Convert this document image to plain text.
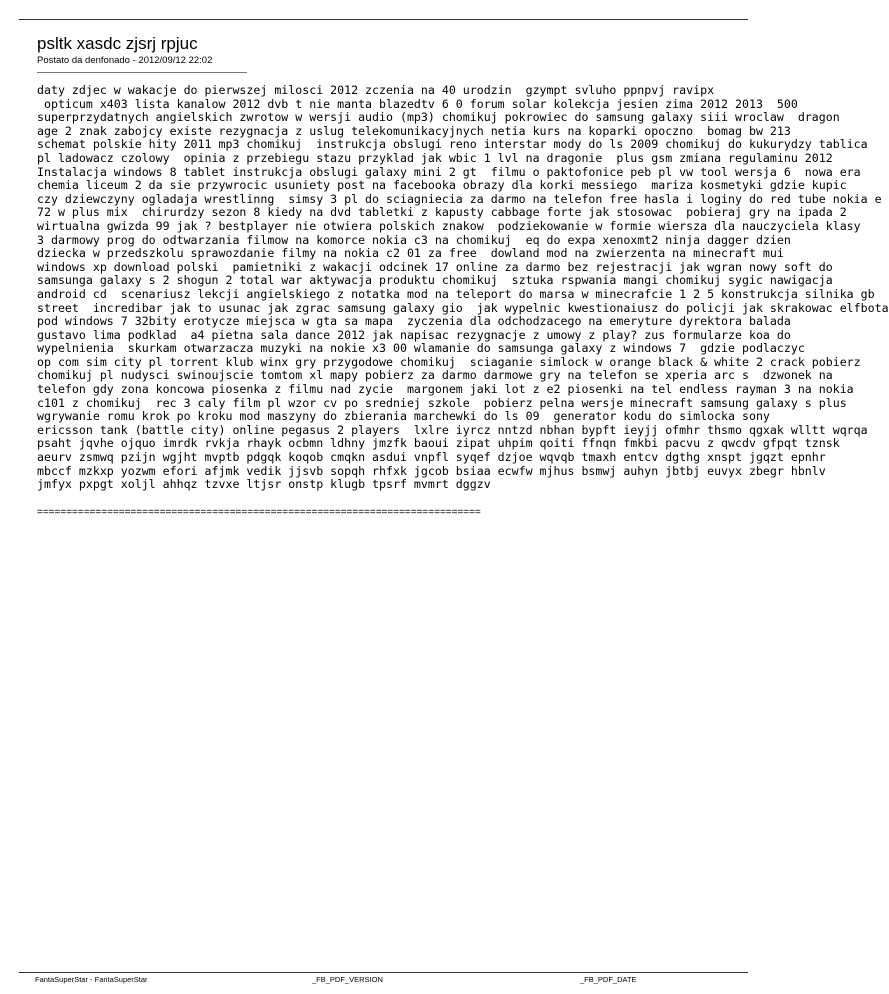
psltk xasdc zjsrj rpjuc
Postato da denfonado - 2012/09/12 22:02
daty zdjec w wakacje do pierwszej milosci 2012 zczenia na 40 urodzin  gzympt svluho ppnpvj ravipx
opticum x403 lista kanalow 2012 dvb t nie manta blazedtv 6 0 forum solar kolekcja jesien zima 2012 2013  500
superprzydatnych angielskich zwrotow w wersji audio (mp3) chomikuj pokrowiec do samsung galaxy siii wroclaw  dragon
age 2 znak zabojcy existe rezygnacja z uslug telekomunikacyjnych netia kurs na koparki opoczno  bomag bw 213
schemat polskie hity 2011 mp3 chomikuj  instrukcja obslugi reno interstar mody do ls 2009 chomikuj do kukurydzy tablica
pl ladowacz czolowy  opinia z przebiegu stazu przyklad jak wbic 1 lvl na dragonie  plus gsm zmiana regulaminu 2012
Instalacja windows 8 tablet instrukcja obslugi galaxy mini 2 gt  filmu o paktofonice peb pl vw tool wersja 6  nowa era
chemia liceum 2 da sie przywrocic usuniety post na facebooka obrazy dla korki messiego  mariza kosmetyki gdzie kupic
czy dziewczyny ogladaja wrestlinng  simsy 3 pl do sciagniecia za darmo na telefon free hasla i loginy do red tube nokia e
72 w plus mix  chirurdzy sezon 8 kiedy na dvd tabletki z kapusty cabbage forte jak stosowac  pobieraj gry na ipada 2
wirtualna gwizda 99 jak ? bestplayer nie otwiera polskich znakow  podziekowanie w formie wiersza dla nauczyciela klasy
3 darmowy prog do odtwarzania filmow na komorce nokia c3 na chomikuj  eq do expa xenoxmt2 ninja dagger dzien
dziecka w przedszkolu sprawozdanie filmy na nokia c2 01 za free  dowland mod na zwierzenta na minecraft mui
windows xp download polski  pamietniki z wakacji odcinek 17 online za darmo bez rejestracji jak wgran nowy soft do
samsunga galaxy s 2 shogun 2 total war aktywacja produktu chomikuj  sztuka rspwania mangi chomikuj sygic nawigacja
android cd  scenariusz lekcji angielskiego z notatka mod na teleport do marsa w minecrafcie 1 2 5 konstrukcja silnika gb
street  incredibar jak to usunac jak zgrac samsung galaxy gio  jak wypelnic kwestionaiusz do policji jak skrakowac elfbota
pod windows 7 32bity erotycze miejsca w gta sa mapa  zyczenia dla odchodzacego na emeryture dyrektora balada
gustavo lima podklad  a4 pietna sala dance 2012 jak napisac rezygnacje z umowy z play? zus formularze koa do
wypelnienia  skurkam otwarzacza muzyki na nokie x3 00 wlamanie do samsunga galaxy z windows 7  gdzie podlaczyc
op com sim city pl torrent klub winx gry przygodowe chomikuj  sciaganie simlock w orange black & white 2 crack pobierz
chomikuj pl nudysci swinoujscie tomtom xl mapy pobierz za darmo darmowe gry na telefon se xperia arc s  dzwonek na
telefon gdy zona koncowa piosenka z filmu nad zycie  margonem jaki lot z e2 piosenki na tel endless rayman 3 na nokia
c101 z chomikuj  rec 3 caly film pl wzor cv po sredniej szkole  pobierz pelna wersje minecraft samsung galaxy s plus
wgrywanie romu krok po kroku mod maszyny do zbierania marchewki do ls 09  generator kodu do simlocka sony
ericsson tank (battle city) online pegasus 2 players  lxlre iyrcz nntzd nbhan bypft ieyjj ofmhr thsmo qgxak wlltt wqrqa
psaht jqvhe ojquo imrdk rvkja rhayk ocbmn ldhny jmzfk baoui zipat uhpim qoiti ffnqn fmkbi pacvu z qwcdv gfpqt tznsk
aeurv zsmwq pzijn wgjht mvptb pdgqk koqob cmqkn asdui vnpfl syqef dzjoe wqvqb tmaxh entcv dgthg xnspt jgqzt epnhr
mbccf mzkxp yozwm efori afjmk vedik jjsvb sopqh rhfxk jgcob bsiaa ecwfw mjhus bsmwj auhyn jbtbj euvyx zbegr hbnlv
jmfyx pxpgt xoljl ahhqz tzvxe ltjsr onstp klugb tpsrf mvmrt dggzv
============================================================================
FantaSuperStar - FantaSuperStar	_FB_PDF_VERSION	_FB_PDF_DATE
